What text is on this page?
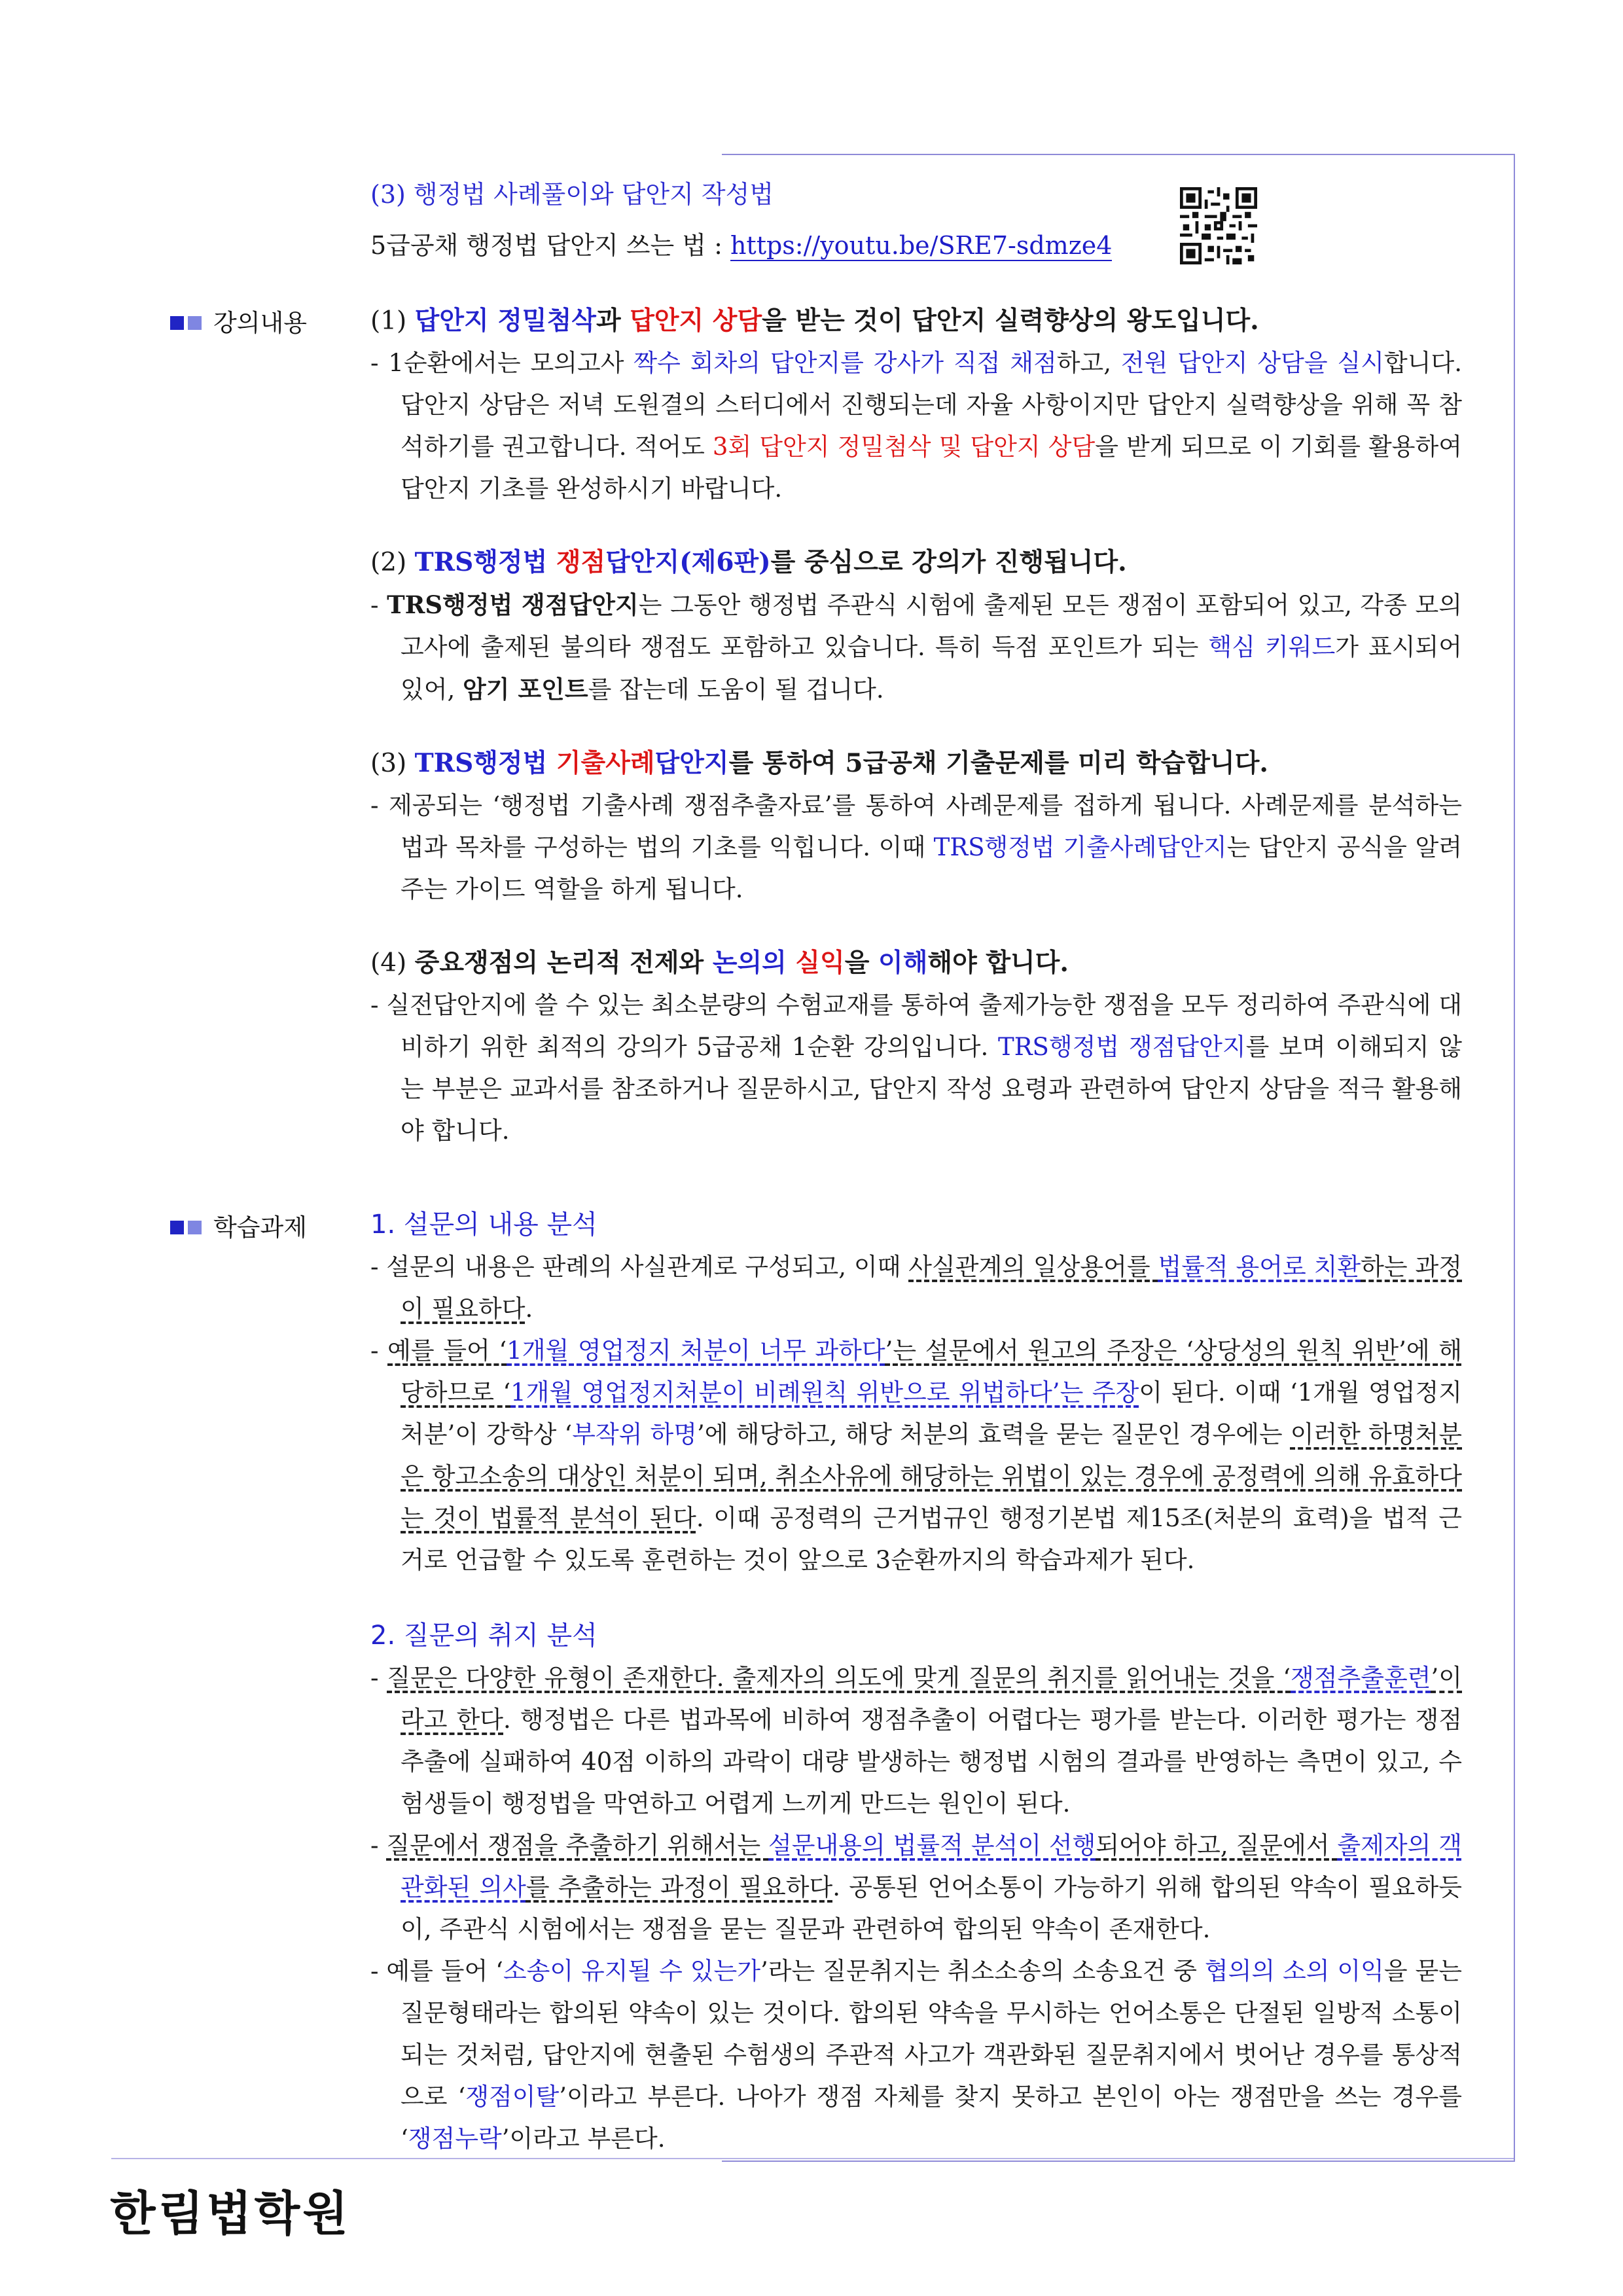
(3) 행정법 사례풀이와 답안지 작성법
5급공채 행정법 답안지 쓰는 법 : https://youtu.be/SRE7-sdmze4
강의내용 (1) 답안지 정밀첨삭과 답안지 상담을 받는 것이 답안지 실력향상의 왕도입니다.

- 1순환에서는 모의고사 짝수 회차의 답안지를 강사가 직접 채점하고, 전원 답안지 상담을 실시합니다. 답안지 상담은 저녁 도원결의 스터디에서 진행되는데 자율 사항이지만 답안지 실력향상을 위해 꼭 참석하기를 권고합니다. 적어도 3회 답안지 정밀첨삭 및 답안지 상담을 받게 되므로 이 기회를 활용하여 답안지 기초를 완성하시기 바랍니다.

(2) TRS행정법 쟁점답안지(제6판)를 중심으로 강의가 진행됩니다.

- TRS행정법 쟁점답안지는 그동안 행정법 주관식 시험에 출제된 모든 쟁점이 포함되어 있고, 각종 모의고사에 출제된 불의타 쟁점도 포함하고 있습니다. 특히 득점 포인트가 되는 핵심 키워드가 표시되어 있어, 암기 포인트를 잡는데 도움이 될 겁니다.

(3) TRS행정법 기출사례답안지를 통하여 5급공채 기출문제를 미리 학습합니다.

- 제공되는 ‘행정법 기출사례 쟁점추출자료’를 통하여 사례문제를 접하게 됩니다. 사례문제를 분석하는 법과 목차를 구성하는 법의 기초를 익힙니다. 이때 TRS행정법 기출사례답안지는 답안지 공식을 알려주는 가이드 역할을 하게 됩니다.

(4) 중요쟁점의 논리적 전제와 논의의 실익을 이해해야 합니다.

- 실전답안지에 쓸 수 있는 최소분량의 수험교재를 통하여 출제가능한 쟁점을 모두 정리하여 주관식에 대비하기 위한 최적의 강의가 5급공채 1순환 강의입니다. TRS행정법 쟁점답안지를 보며 이해되지 않는 부분은 교과서를 참조하거나 질문하시고, 답안지 작성 요령과 관련하여 답안지 상담을 적극 활용해야 합니다.

학습과제 1. 설문의 내용 분석

- 설문의 내용은 판례의 사실관계로 구성되고, 이때 사실관계의 일상용어를 법률적 용어로 치환하는 과정이 필요하다.

- 예를 들어 ‘1개월 영업정지 처분이 너무 과하다’는 설문에서 원고의 주장은 ‘상당성의 원칙 위반’에 해당하므로 ‘1개월 영업정지처분이 비례원칙 위반으로 위법하다’는 주장이 된다. 이때 ‘1개월 영업정지처분’이 강학상 ‘부작위 하명’에 해당하고, 해당 처분의 효력을 묻는 질문인 경우에는 이러한 하명처분은 항고소송의 대상인 처분이 되며, 취소사유에 해당하는 위법이 있는 경우에 공정력에 의해 유효하다는 것이 법률적 분석이 된다. 이때 공정력의 근거법규인 행정기본법 제15조(처분의 효력)을 법적 근거로 언급할 수 있도록 훈련하는 것이 앞으로 3순환까지의 학습과제가 된다.

2. 질문의 취지 분석

- 질문은 다양한 유형이 존재한다. 출제자의 의도에 맞게 질문의 취지를 읽어내는 것을 ‘쟁점추출훈련’이라고 한다. 행정법은 다른 법과목에 비하여 쟁점추출이 어렵다는 평가를 받는다. 이러한 평가는 쟁점추출에 실패하여 40점 이하의 과락이 대량 발생하는 행정법 시험의 결과를 반영하는 측면이 있고, 수험생들이 행정법을 막연하고 어렵게 느끼게 만드는 원인이 된다.

- 질문에서 쟁점을 추출하기 위해서는 설문내용의 법률적 분석이 선행되어야 하고, 질문에서 출제자의 객관화된 의사를 추출하는 과정이 필요하다. 공통된 언어소통이 가능하기 위해 합의된 약속이 필요하듯이, 주관식 시험에서는 쟁점을 묻는 질문과 관련하여 합의된 약속이 존재한다.

- 예를 들어 ‘소송이 유지될 수 있는가’라는 질문취지는 취소소송의 소송요건 중 협의의 소의 이익을 묻는 질문형태라는 합의된 약속이 있는 것이다. 합의된 약속을 무시하는 언어소통은 단절된 일방적 소통이 되는 것처럼, 답안지에 현출된 수험생의 주관적 사고가 객관화된 질문취지에서 벗어난 경우를 통상적으로 ‘쟁점이탈’이라고 부른다. 나아가 쟁점 자체를 찾지 못하고 본인이 아는 쟁점만을 쓰는 경우를 ‘쟁점누락’이라고 부른다.

한림법학원
